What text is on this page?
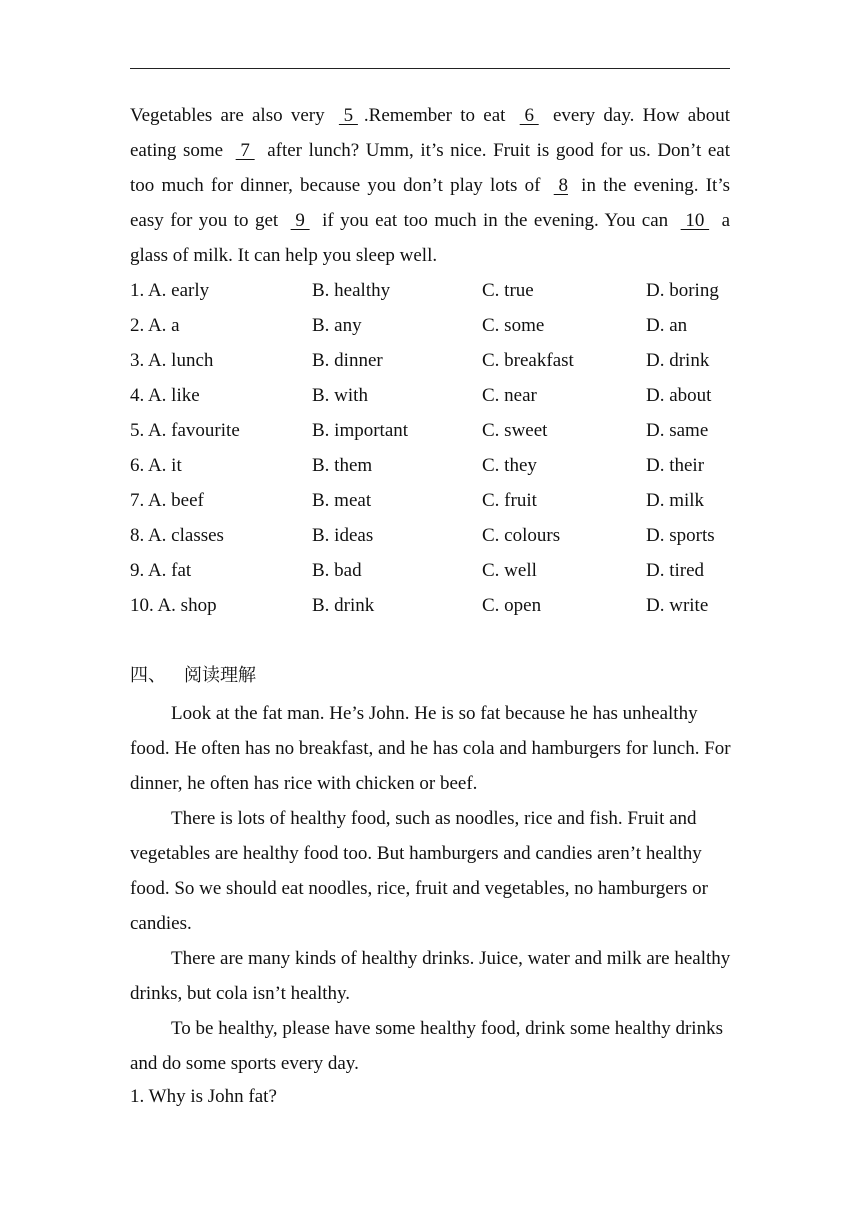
Vegetables are also very  5 .Remember to eat  6  every day. How about eating some  7  after lunch? Umm, it’s nice. Fruit is good for us. Don’t eat too much for dinner, because you don’t play lots of  8 in the evening. It’s easy for you to get  9  if you eat too much in the evening. You can  10  a glass of milk. It can help you sleep well.
1. A. early	B. healthy	C. true	D. boring
2. A. a	B. any	C. some	D. an
3. A. lunch	B. dinner	C. breakfast	D. drink
4. A. like	B. with	C. near	D. about
5. A. favourite	B. important	C. sweet	D. same
6. A. it	B. them	C. they	D. their
7. A. beef	B. meat	C. fruit	D. milk
8. A. classes	B. ideas	C. colours	D. sports
9. A. fat	B. bad	C. well	D. tired
10. A. shop	B. drink	C. open	D. write
四、 阅读理解

Look at the fat man. He’s John. He is so fat because he has unhealthy food. He often has no breakfast, and he has cola and hamburgers for lunch. For dinner, he often has rice with chicken or beef.

There is lots of healthy food, such as noodles, rice and fish. Fruit and vegetables are healthy food too. But hamburgers and candies aren’t healthy food. So we should eat noodles, rice, fruit and vegetables, no hamburgers or candies.

There are many kinds of healthy drinks. Juice, water and milk are healthy drinks, but cola isn’t healthy.

To be healthy, please have some healthy food, drink some healthy drinks and do some sports every day.

1. Why is John fat?
